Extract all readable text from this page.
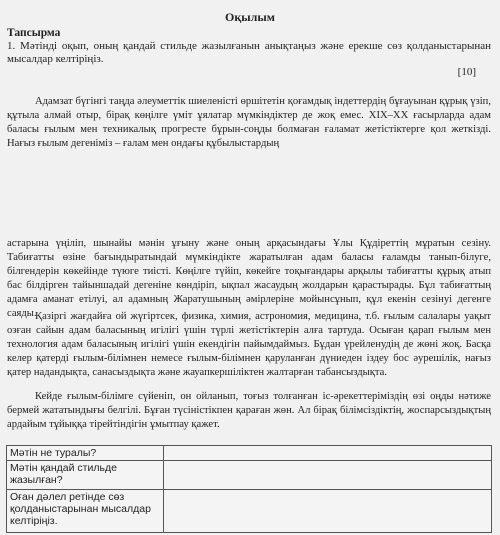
Оқылым
Тапсырма
1. Мәтінді оқып, оның қандай стильде жазылғанын анықтаңыз және ерекше сөз қолданыстарынан мысалдар келтіріңіз.
[10]
Адамзат бүгінгі таңда әлеуметтік шиеленісті өршітетін қоғамдық індеттердің бұғауынан құрық үзіп, құтыла алмай отыр, бірақ көңілге үміт ұялатар мүмкіндіктер де жоқ емес. XIX–XX ғасырларда адам баласы ғылым мен техникалық прогресте бұрын-соңды болмаған ғаламат жетістіктерге қол жеткізді. Нағыз ғылым дегеніміз – ғалам мен ондағы құбылыстардың
астарына үңіліп, шынайы мәнін ұғыну және оның арқасындағы Ұлы Құдіреттің мұратын сезіну. Табиғатты өзіне бағындыратындай мүмкіндікте жаратылған адам баласы ғаламды танып-білуге, білгендерін көкейінде түюге тиісті. Көңілге түйіп, көкейге тоқығандары арқылы табиғатты құрық атып бас білдірген тайыншадай дегеніне көндіріп, ықпал жасаудың жолдарын қарастырады. Бұл табиғаттың адамға аманат етілуі, ал адамның Жаратушының әмірлеріне мойынсұнып, құл екенін сезінуі дегенге саяды.
Қазіргі жағдайға ой жүгіртсек, физика, химия, астрономия, медицина, т.б. ғылым салалары уақыт озған сайын адам баласының игілігі үшін түрлі жетістіктерін алға тартуда. Осыған қарап ғылым мен технология адам баласының игілігі үшін екендігін пайымдаймыз. Бұдан үрейленудің де жөні жоқ. Басқа келер қатерді ғылым-білімнен немесе ғылым-білімнен қаруланған дүниеден іздеу бос әурешілік, нағыз қатер надандықта, санасыздықта және жауапкершіліктен жалтарған табансыздықта.
Кейде ғылым-білімге сүйеніп, он ойланып, тоғыз толғанған іс-әрекеттеріміздің өзі оңды нәтиже бермей жататындығы белгілі. Бұған түсіністікпен қараған жөн. Ал бірақ білімсіздіктің, жоспарсыздықтың ардайым тұйыққа тірейтіндігін ұмытпау қажет.
Мәтін не туралы?	
Мәтін қандай стильде жазылған?	
Оған дәлел ретінде сөз қолданыстарынан мысалдар келтіріңіз.	
